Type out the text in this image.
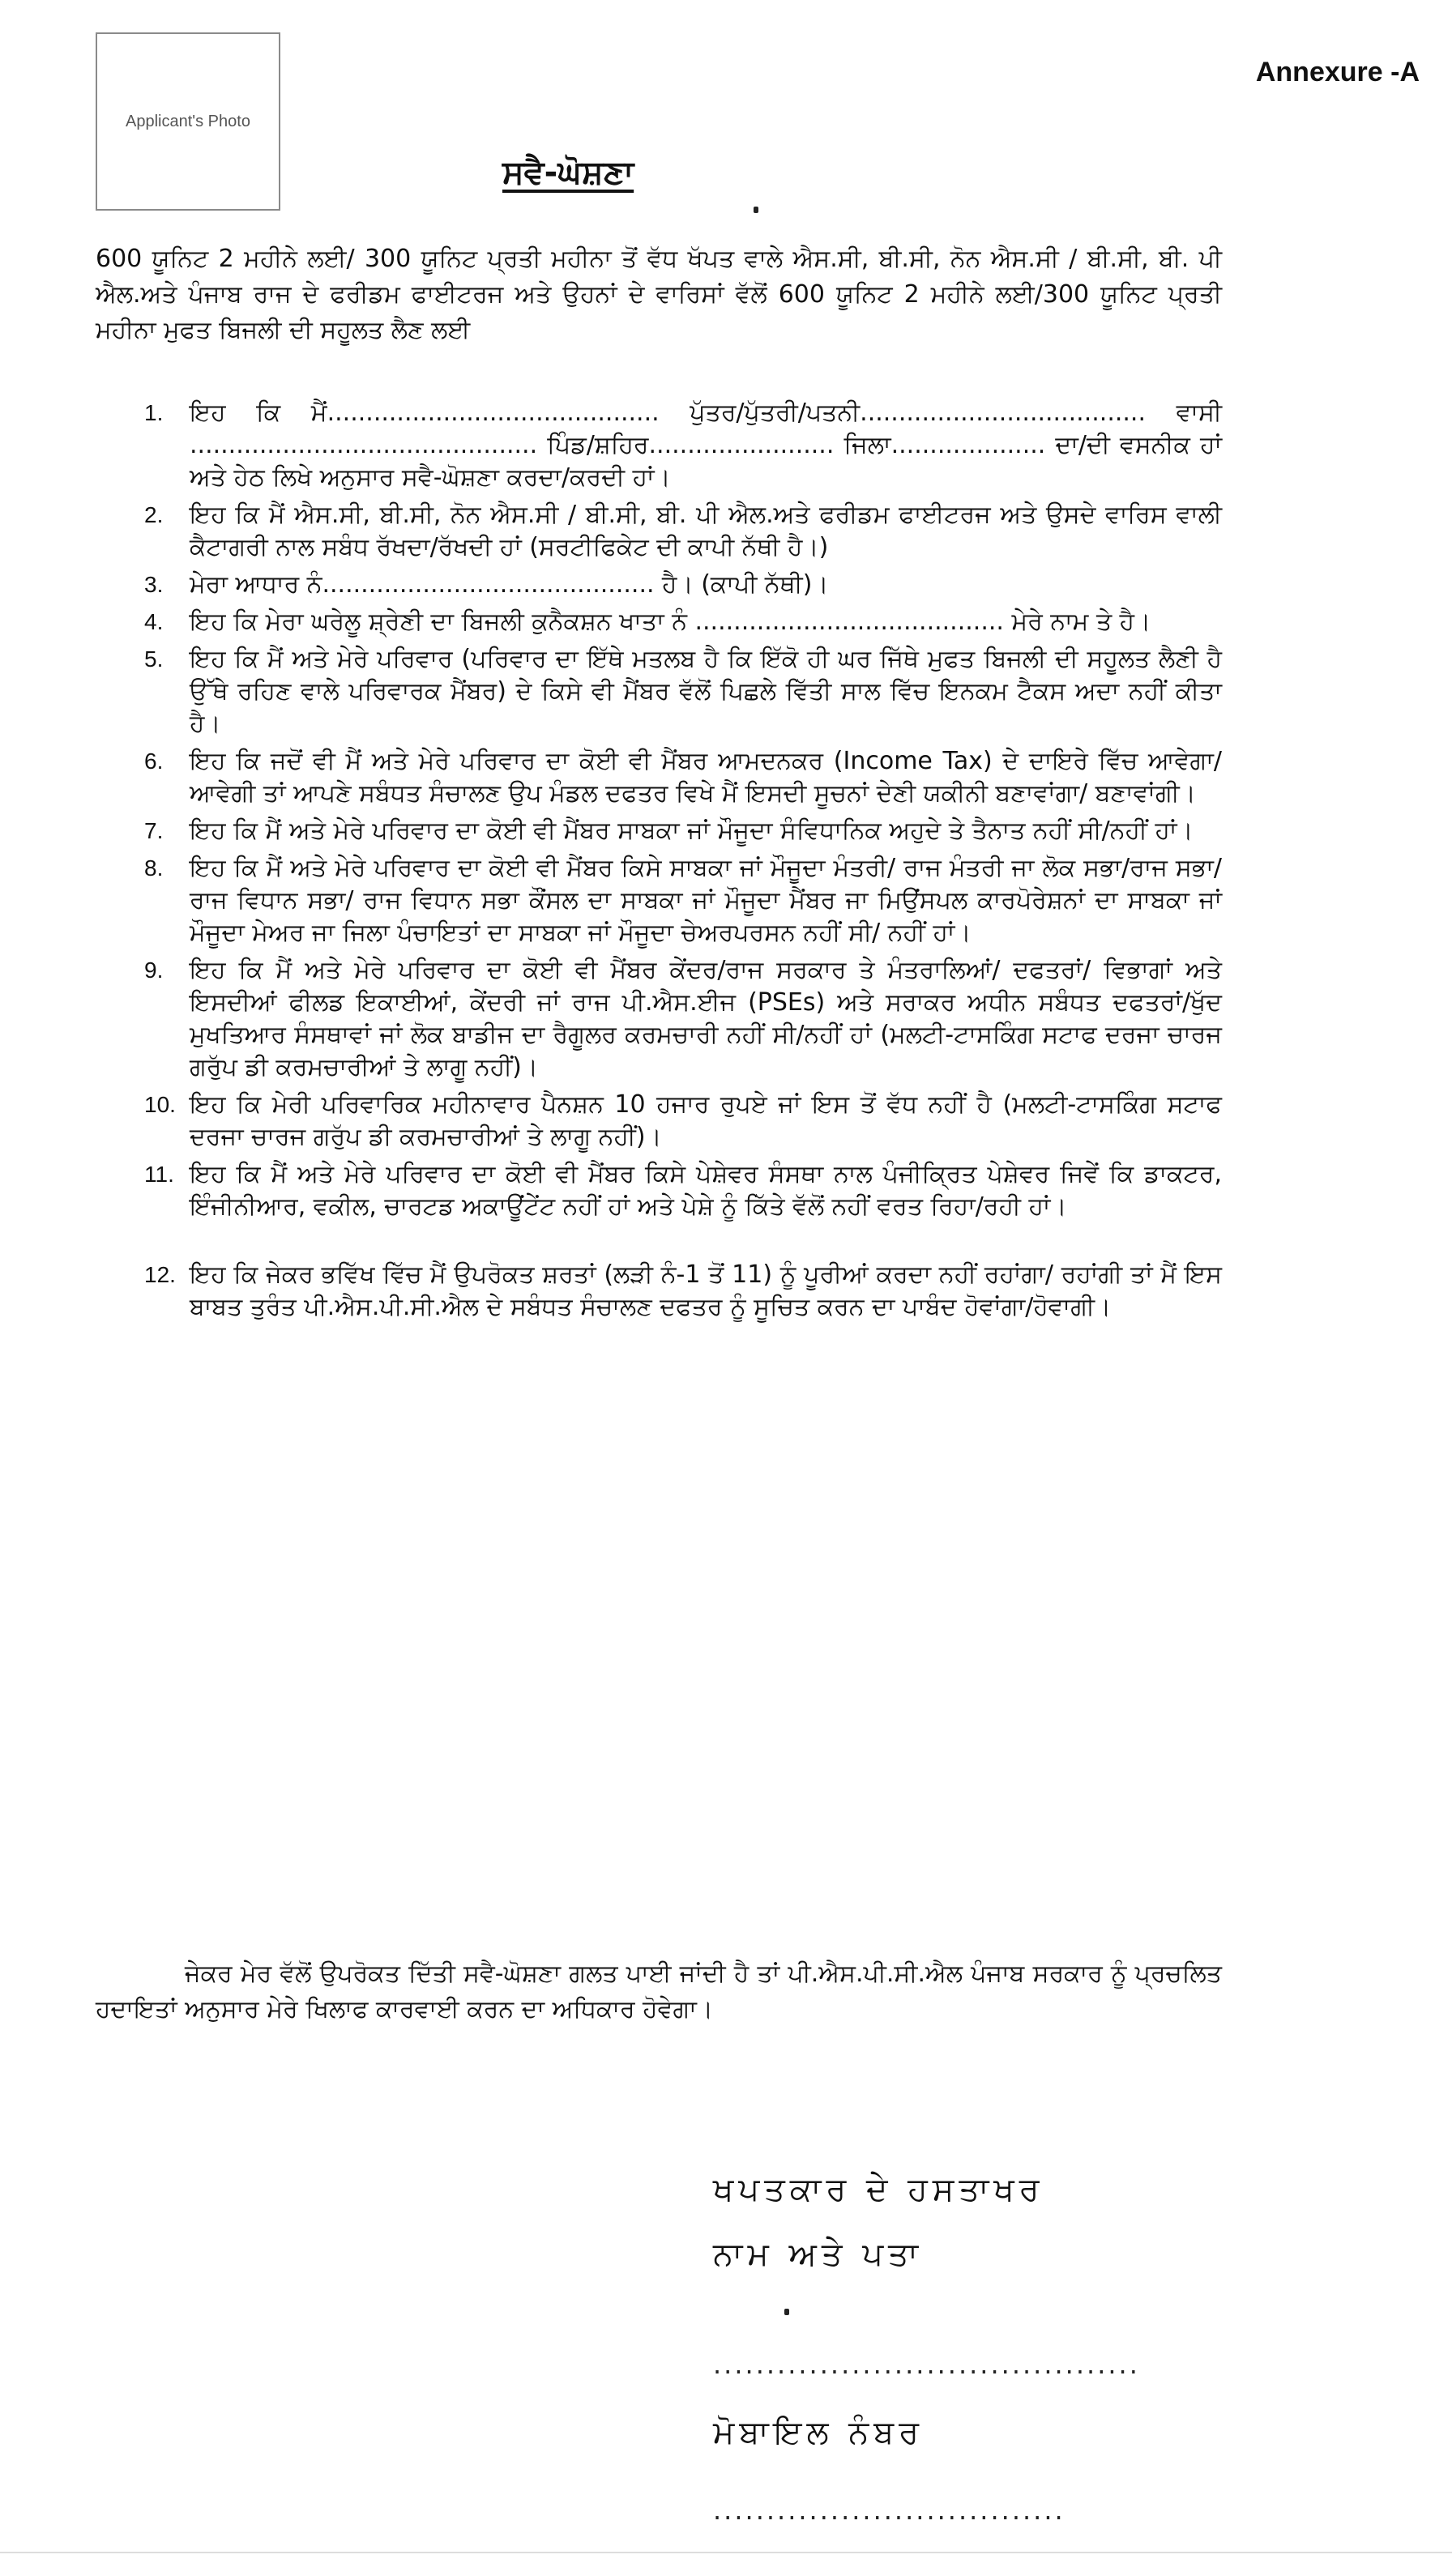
Applicant's Photo
Annexure -A
ਸਵੈ-ਘੋਸ਼ਣਾ

600 ਯੂਨਿਟ 2 ਮਹੀਨੇ ਲਈ/ 300 ਯੂਨਿਟ ਪ੍ਰਤੀ ਮਹੀਨਾ ਤੋਂ ਵੱਧ ਖੱਪਤ ਵਾਲੇ ਐਸ.ਸੀ, ਬੀ.ਸੀ, ਨੋਨ ਐਸ.ਸੀ / ਬੀ.ਸੀ, ਬੀ. ਪੀ ਐਲ.ਅਤੇ ਪੰਜਾਬ ਰਾਜ ਦੇ ਫਰੀਡਮ ਫਾਈਟਰਜ ਅਤੇ ਉਹਨਾਂ ਦੇ ਵਾਰਿਸਾਂ ਵੱਲੋਂ 600 ਯੂਨਿਟ 2 ਮਹੀਨੇ ਲਈ/300 ਯੂਨਿਟ ਪ੍ਰਤੀ ਮਹੀਨਾ ਮੁਫਤ ਬਿਜਲੀ ਦੀ ਸਹੂਲਤ ਲੈਣ ਲਈ

1.	ਇਹ ਕਿ ਮੈਂ........................................... ਪੁੱਤਰ/ਪੁੱਤਰੀ/ਪਤਨੀ..................................... ਵਾਸੀ ............................................. ਪਿੰਡ/ਸ਼ਹਿਰ........................ ਜਿਲਾ.................... ਦਾ/ਦੀ ਵਸਨੀਕ ਹਾਂ ਅਤੇ ਹੇਠ ਲਿਖੇ ਅਨੁਸਾਰ ਸਵੈ-ਘੋਸ਼ਣਾ ਕਰਦਾ/ਕਰਦੀ ਹਾਂ।
2.	ਇਹ ਕਿ ਮੈਂ ਐਸ.ਸੀ, ਬੀ.ਸੀ, ਨੋਨ ਐਸ.ਸੀ / ਬੀ.ਸੀ, ਬੀ. ਪੀ ਐਲ.ਅਤੇ ਫਰੀਡਮ ਫਾਈਟਰਜ ਅਤੇ ਉਸਦੇ ਵਾਰਿਸ ਵਾਲੀ ਕੈਟਾਗਰੀ ਨਾਲ ਸਬੰਧ ਰੱਖਦਾ/ਰੱਖਦੀ ਹਾਂ (ਸਰਟੀਫਿਕੇਟ ਦੀ ਕਾਪੀ ਨੱਥੀ ਹੈ।)
3.	ਮੇਰਾ ਆਧਾਰ ਨੰ........................................... ਹੈ। (ਕਾਪੀ ਨੱਥੀ)।
4.	ਇਹ ਕਿ ਮੇਰਾ ਘਰੇਲੂ ਸ਼੍ਰੇਣੀ ਦਾ ਬਿਜਲੀ ਕੁਨੈਕਸ਼ਨ ਖਾਤਾ ਨੰ ........................................ ਮੇਰੇ ਨਾਮ ਤੇ ਹੈ।
5.	ਇਹ ਕਿ ਮੈਂ ਅਤੇ ਮੇਰੇ ਪਰਿਵਾਰ (ਪਰਿਵਾਰ ਦਾ ਇੱਥੇ ਮਤਲਬ ਹੈ ਕਿ ਇੱਕੋ ਹੀ ਘਰ ਜਿੱਥੇ ਮੁਫਤ ਬਿਜਲੀ ਦੀ ਸਹੂਲਤ ਲੈਣੀ ਹੈ ਉੱਥੇ ਰਹਿਣ ਵਾਲੇ ਪਰਿਵਾਰਕ ਮੈਂਬਰ) ਦੇ ਕਿਸੇ ਵੀ ਮੈਂਬਰ ਵੱਲੋਂ ਪਿਛਲੇ ਵਿੱਤੀ ਸਾਲ ਵਿੱਚ ਇਨਕਮ ਟੈਕਸ ਅਦਾ ਨਹੀਂ ਕੀਤਾ ਹੈ।
6.	ਇਹ ਕਿ ਜਦੋਂ ਵੀ ਮੈਂ ਅਤੇ ਮੇਰੇ ਪਰਿਵਾਰ ਦਾ ਕੋਈ ਵੀ ਮੈਂਬਰ ਆਮਦਨਕਰ (Income Tax) ਦੇ ਦਾਇਰੇ ਵਿੱਚ ਆਵੇਗਾ/ਆਵੇਗੀ ਤਾਂ ਆਪਣੇ ਸਬੰਧਤ ਸੰਚਾਲਣ ਉਪ ਮੰਡਲ ਦਫਤਰ ਵਿਖੇ ਮੈਂ ਇਸਦੀ ਸੂਚਨਾਂ ਦੇਣੀ ਯਕੀਨੀ ਬਣਾਵਾਂਗਾ/ ਬਣਾਵਾਂਗੀ।
7.	ਇਹ ਕਿ ਮੈਂ ਅਤੇ ਮੇਰੇ ਪਰਿਵਾਰ ਦਾ ਕੋਈ ਵੀ ਮੈਂਬਰ ਸਾਬਕਾ ਜਾਂ ਮੌਜੂਦਾ ਸੰਵਿਧਾਨਿਕ ਅਹੁਦੇ ਤੇ ਤੈਨਾਤ ਨਹੀਂ ਸੀ/ਨਹੀਂ ਹਾਂ।
8.	ਇਹ ਕਿ ਮੈਂ ਅਤੇ ਮੇਰੇ ਪਰਿਵਾਰ ਦਾ ਕੋਈ ਵੀ ਮੈਂਬਰ ਕਿਸੇ ਸਾਬਕਾ ਜਾਂ ਮੌਜੂਦਾ ਮੰਤਰੀ/ ਰਾਜ ਮੰਤਰੀ ਜਾ ਲੋਕ ਸਭਾ/ਰਾਜ ਸਭਾ/ ਰਾਜ ਵਿਧਾਨ ਸਭਾ/ ਰਾਜ ਵਿਧਾਨ ਸਭਾ ਕੌਂਸਲ ਦਾ ਸਾਬਕਾ ਜਾਂ ਮੌਜੂਦਾ ਮੈਂਬਰ ਜਾ ਮਿਉਂਸਪਲ ਕਾਰਪੋਰੇਸ਼ਨਾਂ ਦਾ ਸਾਬਕਾ ਜਾਂ ਮੌਜੂਦਾ ਮੇਅਰ ਜਾ ਜਿਲਾ ਪੰਚਾਇਤਾਂ ਦਾ ਸਾਬਕਾ ਜਾਂ ਮੌਜੂਦਾ ਚੇਅਰਪਰਸਨ ਨਹੀਂ ਸੀ/ ਨਹੀਂ ਹਾਂ।
9.	ਇਹ ਕਿ ਮੈਂ ਅਤੇ ਮੇਰੇ ਪਰਿਵਾਰ ਦਾ ਕੋਈ ਵੀ ਮੈਂਬਰ ਕੇਂਦਰ/ਰਾਜ ਸਰਕਾਰ ਤੇ ਮੰਤਰਾਲਿਆਂ/ ਦਫਤਰਾਂ/ ਵਿਭਾਗਾਂ ਅਤੇ ਇਸਦੀਆਂ ਫੀਲਡ ਇਕਾਈਆਂ, ਕੇਂਦਰੀ ਜਾਂ ਰਾਜ ਪੀ.ਐਸ.ਈਜ (PSEs) ਅਤੇ ਸਰਾਕਰ ਅਧੀਨ ਸਬੰਧਤ ਦਫਤਰਾਂ/ਖੁੱਦ ਮੁਖਤਿਆਰ ਸੰਸਥਾਵਾਂ ਜਾਂ ਲੋਕ ਬਾਡੀਜ ਦਾ ਰੈਗੂਲਰ ਕਰਮਚਾਰੀ ਨਹੀਂ ਸੀ/ਨਹੀਂ ਹਾਂ (ਮਲਟੀ-ਟਾਸਕਿੰਗ ਸਟਾਫ ਦਰਜਾ ਚਾਰਜ ਗਰੁੱਪ ਡੀ ਕਰਮਚਾਰੀਆਂ ਤੇ ਲਾਗੂ ਨਹੀਂ)।
10. ਇਹ ਕਿ ਮੇਰੀ ਪਰਿਵਾਰਿਕ ਮਹੀਨਾਵਾਰ ਪੈਨਸ਼ਨ 10 ਹਜਾਰ ਰੁਪਏ ਜਾਂ ਇਸ ਤੋਂ ਵੱਧ ਨਹੀਂ ਹੈ (ਮਲਟੀ-ਟਾਸਕਿੰਗ ਸਟਾਫ ਦਰਜਾ ਚਾਰਜ ਗਰੁੱਪ ਡੀ ਕਰਮਚਾਰੀਆਂ ਤੇ ਲਾਗੂ ਨਹੀਂ)।
11. ਇਹ ਕਿ ਮੈਂ ਅਤੇ ਮੇਰੇ ਪਰਿਵਾਰ ਦਾ ਕੋਈ ਵੀ ਮੈਂਬਰ ਕਿਸੇ ਪੇਸ਼ੇਵਰ ਸੰਸਥਾ ਨਾਲ ਪੰਜੀਕ੍ਰਿਤ ਪੇਸ਼ੇਵਰ ਜਿਵੇਂ ਕਿ ਡਾਕਟਰ, ਇੰਜੀਨੀਆਰ, ਵਕੀਲ, ਚਾਰਟਡ ਅਕਾਊਂਟੇਂਟ ਨਹੀਂ ਹਾਂ ਅਤੇ ਪੇਸ਼ੇ ਨੂੰ ਕਿੱਤੇ ਵੱਲੋਂ ਨਹੀਂ ਵਰਤ ਰਿਹਾ/ਰਹੀ ਹਾਂ।
12. ਇਹ ਕਿ ਜੇਕਰ ਭਵਿੱਖ ਵਿੱਚ ਮੈਂ ਉਪਰੋਕਤ ਸ਼ਰਤਾਂ (ਲੜੀ ਨੰ-1 ਤੋਂ 11) ਨੂੰ ਪੂਰੀਆਂ ਕਰਦਾ ਨਹੀਂ ਰਹਾਂਗਾ/ ਰਹਾਂਗੀ ਤਾਂ ਮੈਂ ਇਸ ਬਾਬਤ ਤੁਰੰਤ ਪੀ.ਐਸ.ਪੀ.ਸੀ.ਐਲ ਦੇ ਸਬੰਧਤ ਸੰਚਾਲਣ ਦਫਤਰ ਨੂੰ ਸੂਚਿਤ ਕਰਨ ਦਾ ਪਾਬੰਦ ਹੋਵਾਂਗਾ/ਹੋਵਾਗੀ।

ਜੇਕਰ ਮੇਰ ਵੱਲੋਂ ਉਪਰੋਕਤ ਦਿੱਤੀ ਸਵੈ-ਘੋਸ਼ਣਾ ਗਲਤ ਪਾਈ ਜਾਂਦੀ ਹੈ ਤਾਂ ਪੀ.ਐਸ.ਪੀ.ਸੀ.ਐਲ ਪੰਜਾਬ ਸਰਕਾਰ ਨੂੰ ਪ੍ਰਚਲਿਤ ਹਦਾਇਤਾਂ ਅਨੁਸਾਰ ਮੇਰੇ ਖਿਲਾਫ ਕਾਰਵਾਈ ਕਰਨ ਦਾ ਅਧਿਕਾਰ ਹੋਵੇਗਾ।

ਖਪਤਕਾਰ ਦੇ ਹਸਤਾਖਰ

ਨਾਮ ਅਤੇ ਪਤਾ

........................................

ਮੋਬਾਇਲ ਨੰਬਰ

.................................
